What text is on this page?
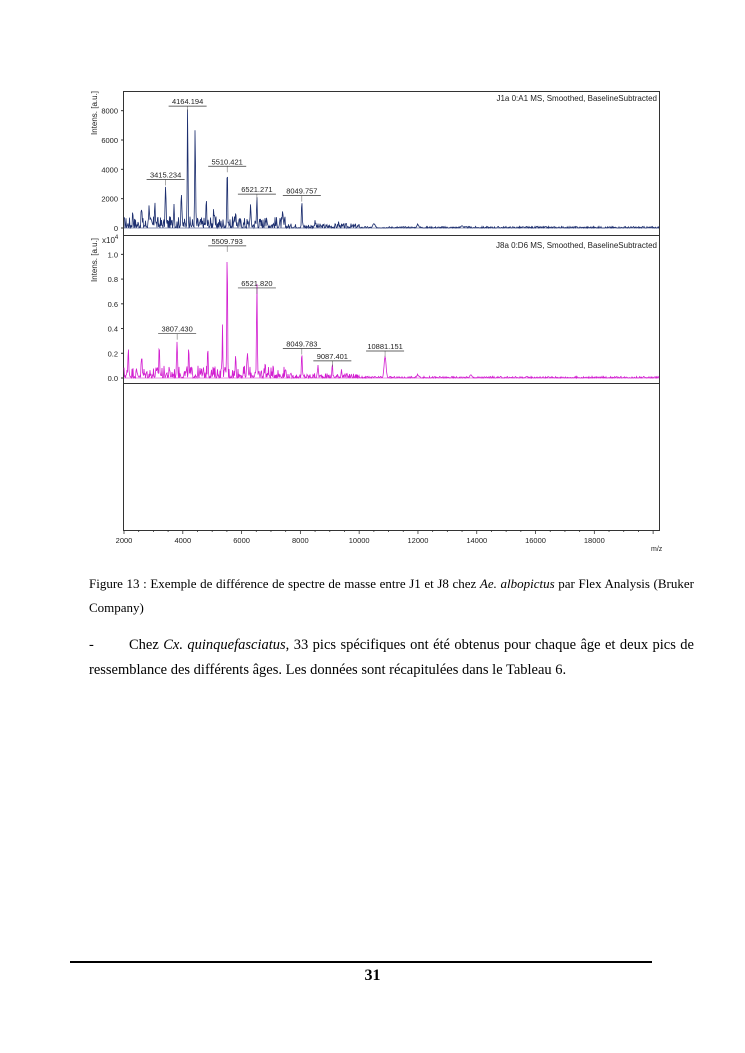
J1a 0:A1 MS, Smoothed, BaselineSubtracted
J8a 0:D6 MS, Smoothed, BaselineSubtracted
Intens. [a.u.]
Intens. [a.u.] $x10^4$
m/z
0
2000
4000
6000
8000
0.0
0.2
0.4
0.6
0.8
1.0
2000	4000	6000	8000	10000	12000	14000	16000	18000
3415.234
4164.194
5510.421
6521.271 8049.757
3807.430
5509.793
6521.820
8049.783
9087.401
10881.151
Figure 13 : Exemple de différence de spectre de masse entre J1 et J8 chez Ae. albopictus par Flex Analysis (Bruker Company)
- Chez Cx. quinquefasciatus, 33 pics spécifiques ont été obtenus pour chaque âge et deux pics de ressemblance des différents âges. Les données sont récapitulées dans le Tableau 6.
31
